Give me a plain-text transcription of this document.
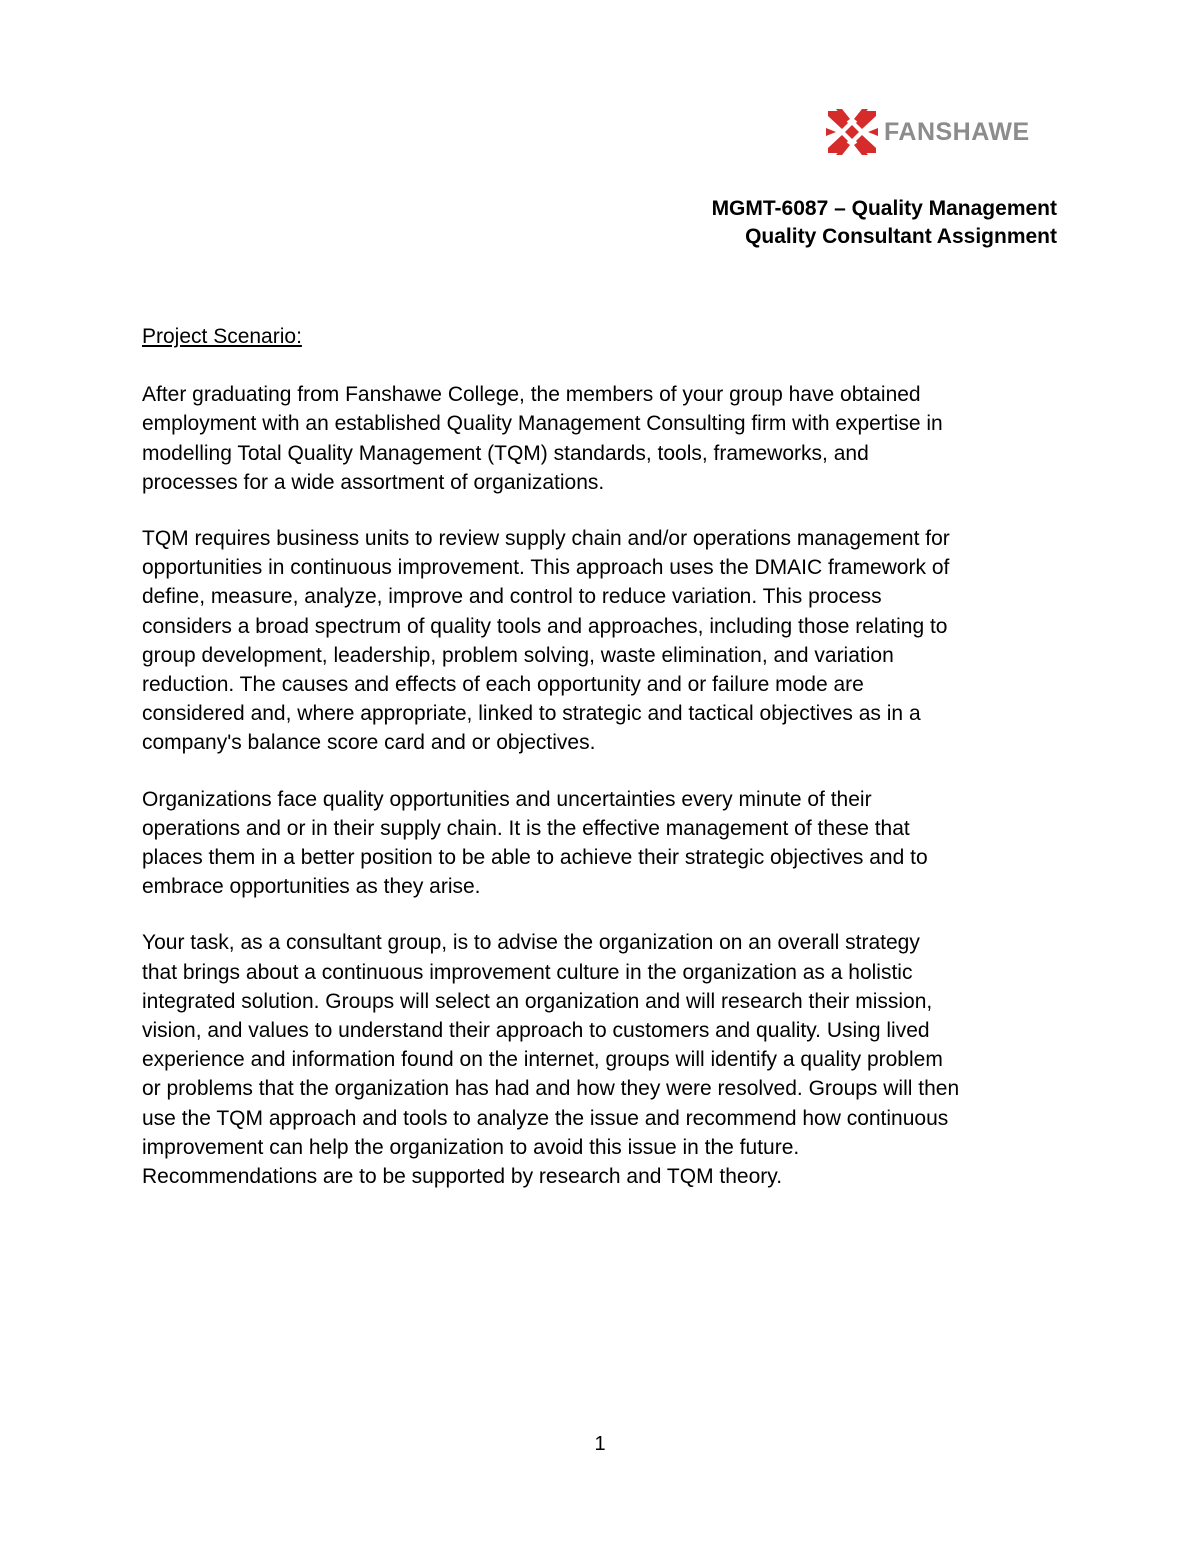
FANSHAWE
MGMT-6087 – Quality Management
Quality Consultant Assignment
Project Scenario:
After graduating from Fanshawe College, the members of your group have obtained
employment with an established Quality Management Consulting firm with expertise in
modelling Total Quality Management (TQM) standards, tools, frameworks, and
processes for a wide assortment of organizations.
TQM requires business units to review supply chain and/or operations management for
opportunities in continuous improvement. This approach uses the DMAIC framework of
define, measure, analyze, improve and control to reduce variation. This process
considers a broad spectrum of quality tools and approaches, including those relating to
group development, leadership, problem solving, waste elimination, and variation
reduction. The causes and effects of each opportunity and or failure mode are
considered and, where appropriate, linked to strategic and tactical objectives as in a
company's balance score card and or objectives.
Organizations face quality opportunities and uncertainties every minute of their
operations and or in their supply chain. It is the effective management of these that
places them in a better position to be able to achieve their strategic objectives and to
embrace opportunities as they arise.
Your task, as a consultant group, is to advise the organization on an overall strategy
that brings about a continuous improvement culture in the organization as a holistic
integrated solution. Groups will select an organization and will research their mission,
vision, and values to understand their approach to customers and quality. Using lived
experience and information found on the internet, groups will identify a quality problem
or problems that the organization has had and how they were resolved. Groups will then
use the TQM approach and tools to analyze the issue and recommend how continuous
improvement can help the organization to avoid this issue in the future.
Recommendations are to be supported by research and TQM theory.
1
